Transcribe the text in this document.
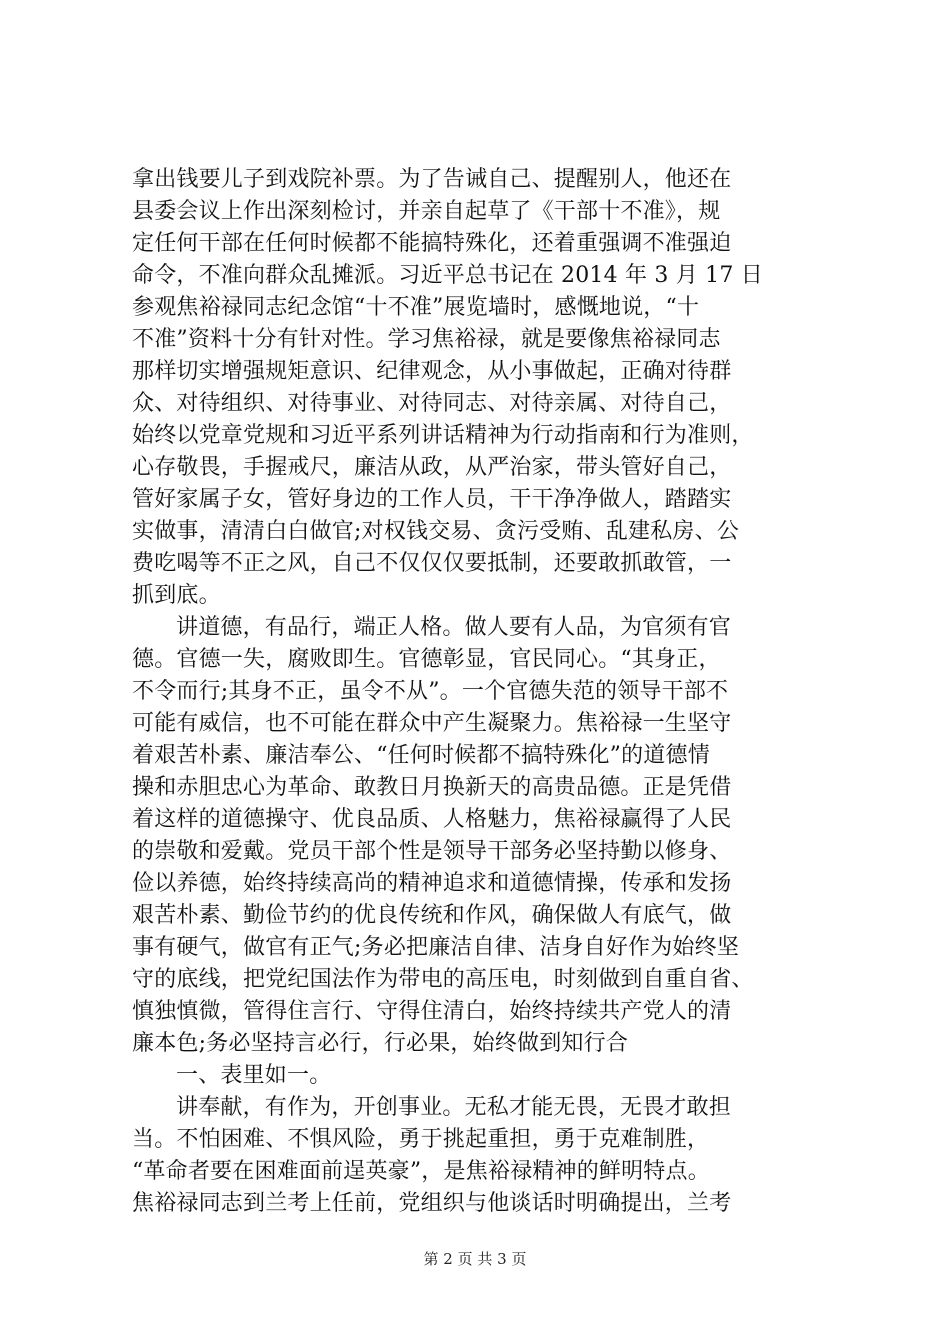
拿出钱要儿子到戏院补票。为了告诫自己、提醒别人，他还在
县委会议上作出深刻检讨，并亲自起草了《干部十不准》，规
定任何干部在任何时候都不能搞特殊化，还着重强调不准强迫
命令，不准向群众乱摊派。习近平总书记在 2014 年 3 月 17 日
参观焦裕禄同志纪念馆“十不准”展览墙时，感慨地说，“十
不准”资料十分有针对性。学习焦裕禄，就是要像焦裕禄同志
那样切实增强规矩意识、纪律观念，从小事做起，正确对待群
众、对待组织、对待事业、对待同志、对待亲属、对待自己，
始终以党章党规和习近平系列讲话精神为行动指南和行为准则，
心存敬畏，手握戒尺，廉洁从政，从严治家，带头管好自己，
管好家属子女，管好身边的工作人员，干干净净做人，踏踏实
实做事，清清白白做官;对权钱交易、贪污受贿、乱建私房、公
费吃喝等不正之风，自己不仅仅仅要抵制，还要敢抓敢管，一
抓到底。
讲道德，有品行，端正人格。做人要有人品，为官须有官
德。官德一失，腐败即生。官德彰显，官民同心。“其身正，
不令而行;其身不正，虽令不从”。一个官德失范的领导干部不
可能有威信，也不可能在群众中产生凝聚力。焦裕禄一生坚守
着艰苦朴素、廉洁奉公、“任何时候都不搞特殊化”的道德情
操和赤胆忠心为革命、敢教日月换新天的高贵品德。正是凭借
着这样的道德操守、优良品质、人格魅力，焦裕禄赢得了人民
的崇敬和爱戴。党员干部个性是领导干部务必坚持勤以修身、
俭以养德，始终持续高尚的精神追求和道德情操，传承和发扬
艰苦朴素、勤俭节约的优良传统和作风，确保做人有底气，做
事有硬气，做官有正气;务必把廉洁自律、洁身自好作为始终坚
守的底线，把党纪国法作为带电的高压电，时刻做到自重自省、
慎独慎微，管得住言行、守得住清白，始终持续共产党人的清
廉本色;务必坚持言必行，行必果，始终做到知行合
一、表里如一。
讲奉献，有作为，开创事业。无私才能无畏，无畏才敢担
当。不怕困难、不惧风险，勇于挑起重担，勇于克难制胜，
“革命者要在困难面前逞英豪”，是焦裕禄精神的鲜明特点。
焦裕禄同志到兰考上任前，党组织与他谈话时明确提出，兰考
第 2 页 共 3 页
